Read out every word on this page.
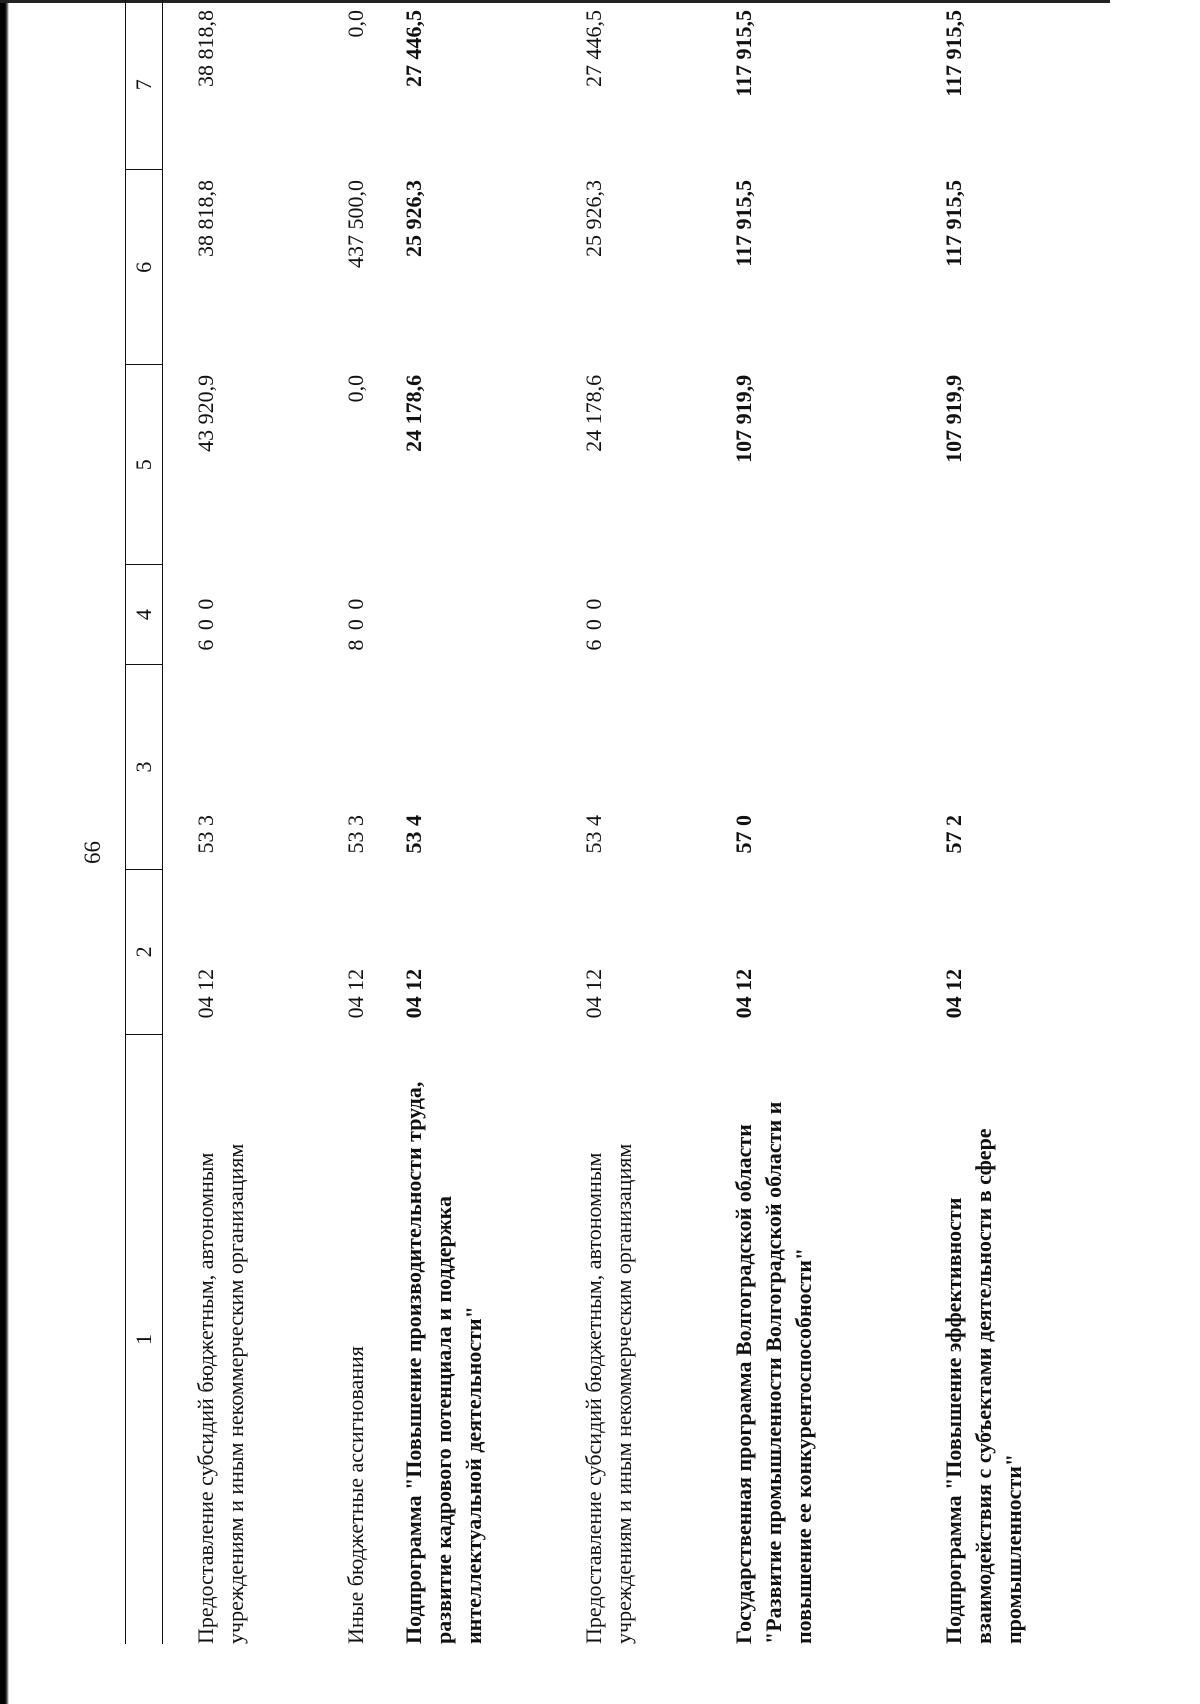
66
1	2	3	4	5	6	7
Предоставление субсидий бюджетным, автономным учреждениям и иным некоммерческим организациям	04 12	53 3	6 0 0	43 920,9	38 818,8	38 818,8
Иные бюджетные ассигнования	04 12	53 3	8 0 0	0,0	437 500,0	0,0
Подпрограмма "Повышение производительности труда, развитие кадрового потенциала и поддержка интеллектуальной деятельности"	04 12	53 4		24 178,6	25 926,3	27 446,5
Предоставление субсидий бюджетным, автономным учреждениям и иным некоммерческим организациям	04 12	53 4	6 0 0	24 178,6	25 926,3	27 446,5
Государственная программа Волгоградской области "Развитие промышленности Волгоградской области и повышение ее конкурентоспособности"	04 12	57 0		107 919,9	117 915,5	117 915,5
Подпрограмма "Повышение эффективности взаимодействия с субъектами деятельности в сфере промышленности"	04 12	57 2		107 919,9	117 915,5	117 915,5
